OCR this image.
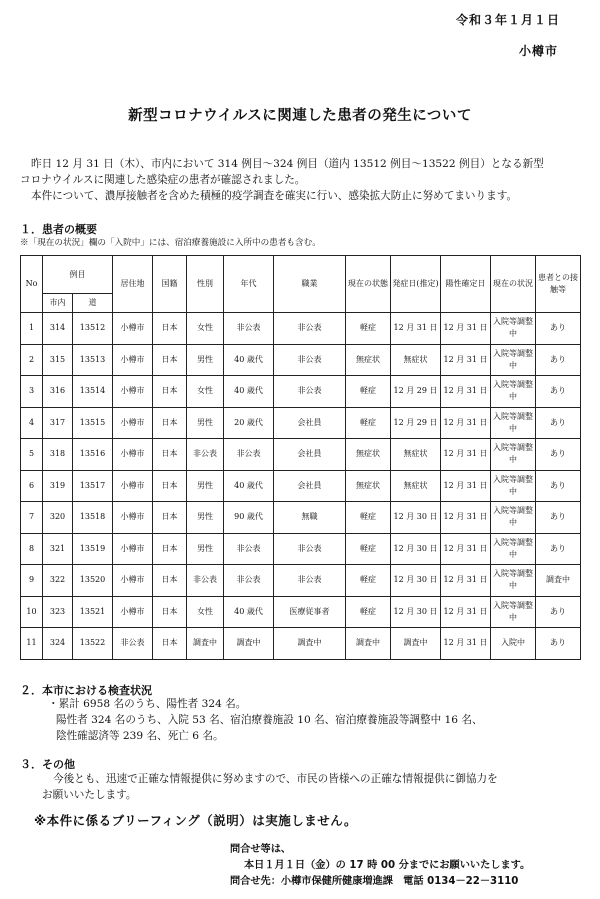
令和３年１月１日
小樽市
新型コロナウイルスに関連した患者の発生について
昨日 12 月 31 日（木）、市内において 314 例目～324 例目（道内 13512 例目～13522 例目）となる新型
コロナウイルスに関連した感染症の患者が確認されました。
本件について、濃厚接触者を含めた積極的疫学調査を確実に行い、感染拡大防止に努めてまいります。
１．患者の概要
※「現在の状況」欄の「入院中」には、宿泊療養施設に入所中の患者も含む。
No	例目		居住地	国籍	性別	年代	職業	現在の状態	発症日(推定)	陽性確定日	現在の状況	患者との接触等
	市内	道										
1	314	13512	小樽市	日本	女性	非公表	非公表	軽症	12 月 31 日	12 月 31 日	入院等調整中	あり
2	315	13513	小樽市	日本	男性	40 歳代	非公表	無症状	無症状	12 月 31 日	入院等調整中	あり
3	316	13514	小樽市	日本	女性	40 歳代	非公表	軽症	12 月 29 日	12 月 31 日	入院等調整中	あり
4	317	13515	小樽市	日本	男性	20 歳代	会社員	軽症	12 月 29 日	12 月 31 日	入院等調整中	あり
5	318	13516	小樽市	日本	非公表	非公表	会社員	無症状	無症状	12 月 31 日	入院等調整中	あり
6	319	13517	小樽市	日本	男性	40 歳代	会社員	無症状	無症状	12 月 31 日	入院等調整中	あり
7	320	13518	小樽市	日本	男性	90 歳代	無職	軽症	12 月 30 日	12 月 31 日	入院等調整中	あり
8	321	13519	小樽市	日本	男性	非公表	非公表	軽症	12 月 30 日	12 月 31 日	入院等調整中	あり
9	322	13520	小樽市	日本	非公表	非公表	非公表	軽症	12 月 30 日	12 月 31 日	入院等調整中	調査中
10	323	13521	小樽市	日本	女性	40 歳代	医療従事者	軽症	12 月 30 日	12 月 31 日	入院等調整中	あり
11	324	13522	非公表	日本	調査中	調査中	調査中	調査中	調査中	12 月 31 日	入院中	あり
２．本市における検査状況
・累計 6958 名のうち、陽性者 324 名。
陽性者 324 名のうち、入院 53 名、宿泊療養施設 10 名、宿泊療養施設等調整中 16 名、
陰性確認済等 239 名、死亡 6 名。
３．その他
今後とも、迅速で正確な情報提供に努めますので、市民の皆様への正確な情報提供に御協力を
お願いいたします。
※本件に係るブリーフィング（説明）は実施しません。
問合せ等は、
本日１月１日（金）の 17 時 00 分までにお願いいたします。
問合せ先：小樽市保健所健康増進課　電話 0134－22－3110
